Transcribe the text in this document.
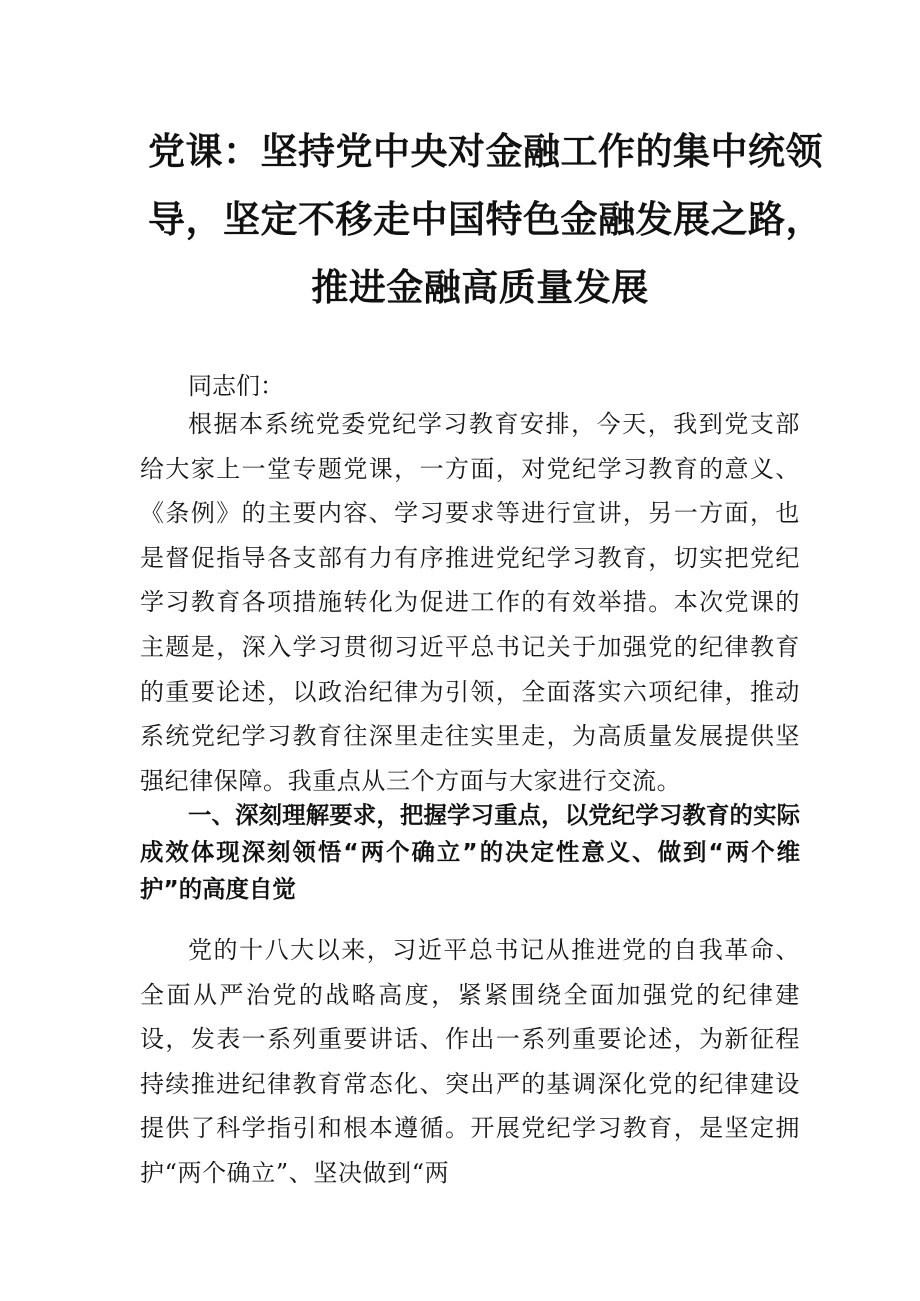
党课：坚持党中央对金融工作的集中统领
导，坚定不移走中国特色金融发展之路，
推进金融高质量发展

同志们：

根据本系统党委党纪学习教育安排，今天，我到党支部给大家上一堂专题党课，一方面，对党纪学习教育的意义、《条例》的主要内容、学习要求等进行宣讲，另一方面，也是督促指导各支部有力有序推进党纪学习教育，切实把党纪学习教育各项措施转化为促进工作的有效举措。本次党课的主题是，深入学习贯彻习近平总书记关于加强党的纪律教育的重要论述，以政治纪律为引领，全面落实六项纪律，推动系统党纪学习教育往深里走往实里走，为高质量发展提供坚强纪律保障。我重点从三个方面与大家进行交流。

一、深刻理解要求，把握学习重点，以党纪学习教育的实际成效体现深刻领悟“两个确立”的决定性意义、做到“两个维护”的高度自觉

党的十八大以来，习近平总书记从推进党的自我革命、全面从严治党的战略高度，紧紧围绕全面加强党的纪律建设，发表一系列重要讲话、作出一系列重要论述，为新征程持续推进纪律教育常态化、突出严的基调深化党的纪律建设提供了科学指引和根本遵循。开展党纪学习教育，是坚定拥护“两个确立”、坚决做到“两
